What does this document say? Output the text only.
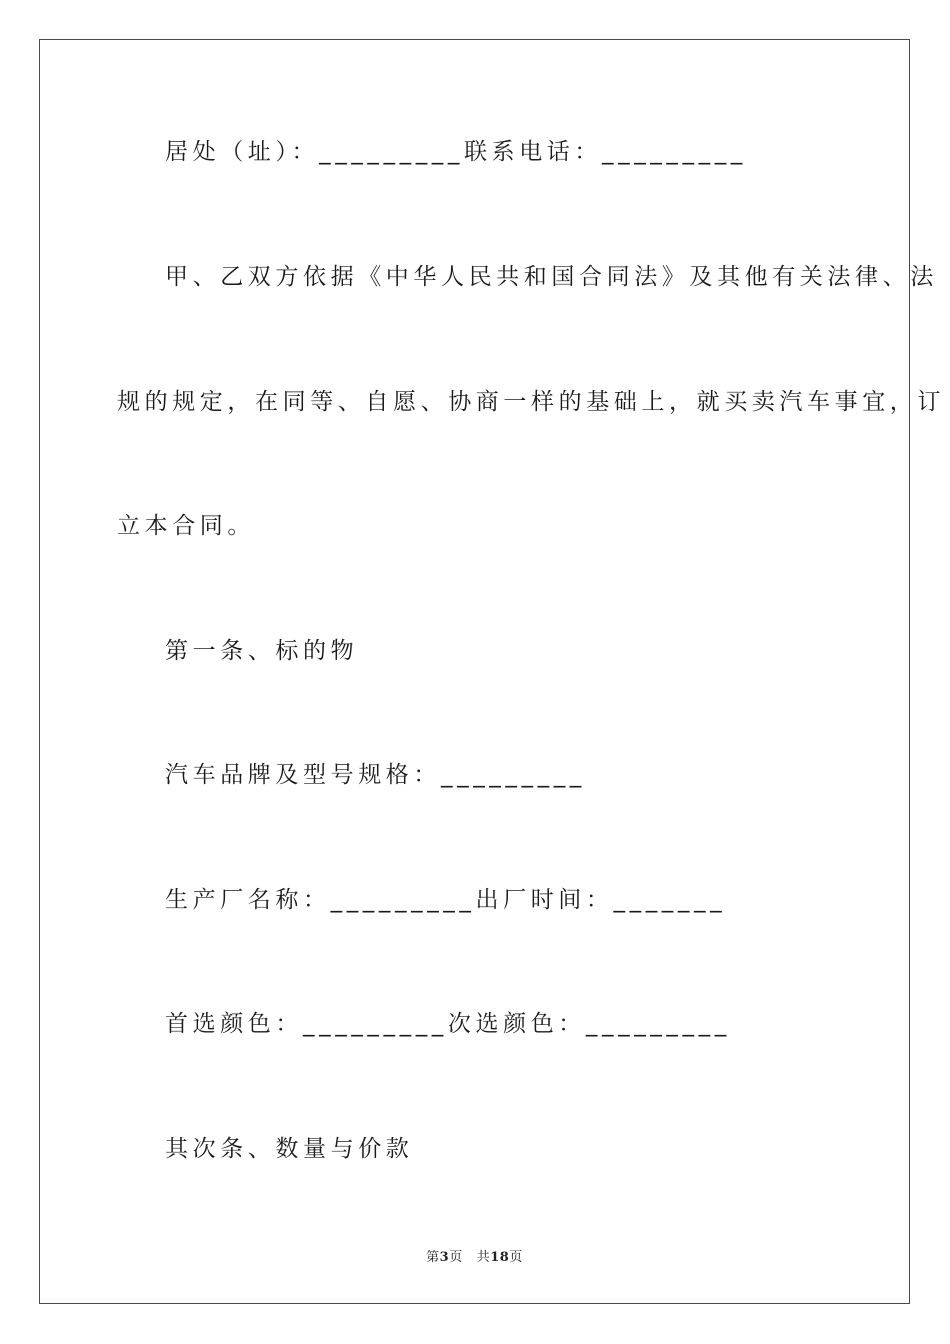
居处（址）：_________联系电话：_________
甲、乙双方依据《中华人民共和国合同法》及其他有关法律、法
规的规定，在同等、自愿、协商一样的基础上，就买卖汽车事宜，订
立本合同。
第一条、标的物
汽车品牌及型号规格：_________
生产厂名称：_________出厂时间：_______
首选颜色：_________次选颜色：_________
其次条、数量与价款
第3页 共18页
